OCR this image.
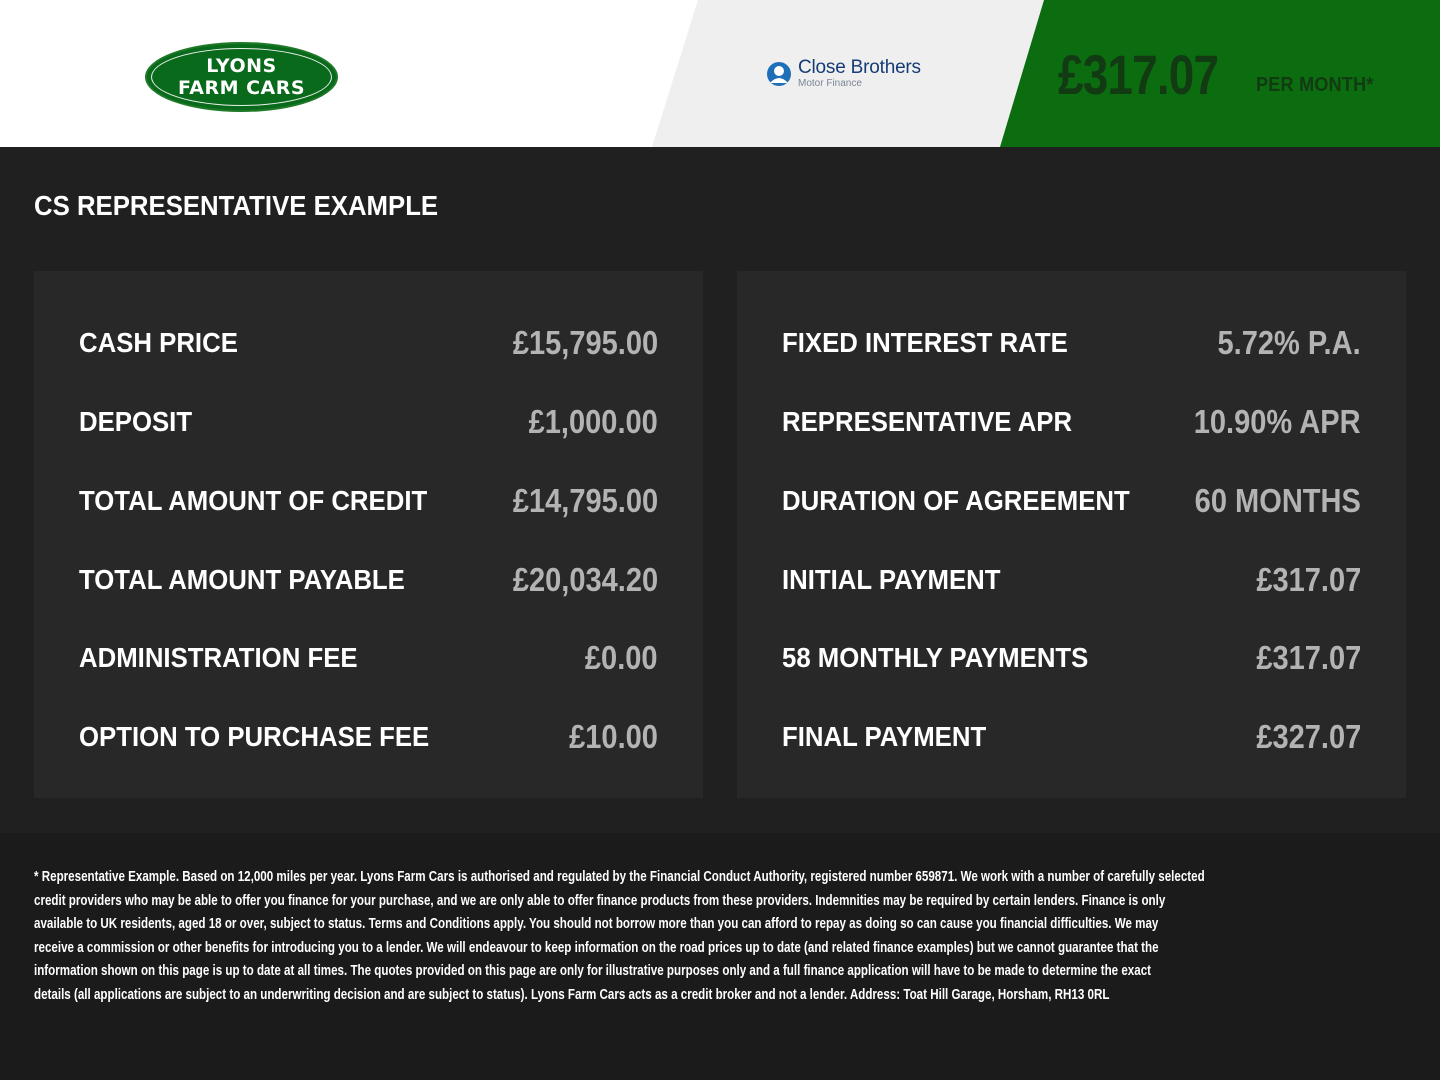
LYONS
FARM CARS
Close Brothers
Motor Finance	£317.07 PER MONTH*
CS REPRESENTATIVE EXAMPLE
CASH PRICE	£15,795.00
DEPOSIT	£1,000.00
TOTAL AMOUNT OF CREDIT	£14,795.00
TOTAL AMOUNT PAYABLE	£20,034.20
ADMINISTRATION FEE	£0.00
OPTION TO PURCHASE FEE	£10.00
FIXED INTEREST RATE	5.72% P.A.
REPRESENTATIVE APR	10.90% APR
DURATION OF AGREEMENT 60 MONTHS
INITIAL PAYMENT	£317.07
58 MONTHLY PAYMENTS	£317.07
FINAL PAYMENT	£327.07
* Representative Example. Based on 12,000 miles per year. Lyons Farm Cars is authorised and regulated by the Financial Conduct Authority, registered number 659871. We work with a number of carefully selected
credit providers who may be able to offer you finance for your purchase, and we are only able to offer finance products from these providers. Indemnities may be required by certain lenders. Finance is only
available to UK residents, aged 18 or over, subject to status. Terms and Conditions apply. You should not borrow more than you can afford to repay as doing so can cause you financial difficulties. We may
receive a commission or other benefits for introducing you to a lender. We will endeavour to keep information on the road prices up to date (and related finance examples) but we cannot guarantee that the
information shown on this page is up to date at all times. The quotes provided on this page are only for illustrative purposes only and a full finance application will have to be made to determine the exact
details (all applications are subject to an underwriting decision and are subject to status). Lyons Farm Cars acts as a credit broker and not a lender. Address: Toat Hill Garage, Horsham, RH13 0RL
